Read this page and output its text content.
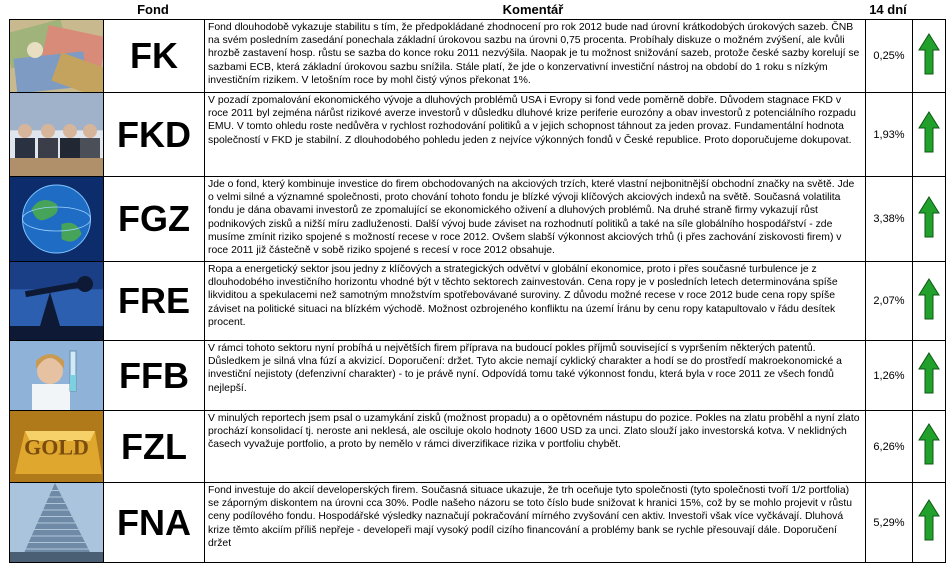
Fond	Komentář	14 dní
	FK	Fond dlouhodobě vykazuje stabilitu s tím, že předpokládané zhodnocení pro rok 2012 bude nad úrovní krátkodobých úrokových sazeb. ČNB na svém posledním zasedání ponechala základní úrokovou sazbu na úrovni 0,75 procenta. Probíhaly diskuze o možném zvýšení, ale kvůli hrozbě zastavení hosp. růstu se sazba do konce roku 2011 nezvýšila. Naopak je tu možnost snižování sazeb, protože české sazby korelují se sazbami ECB, která základní úrokovou sazbu snížila. Stále platí, že jde o konzervativní investiční nástroj na období do 1 roku s nízkým investičním rizikem. V letošním roce by mohl čistý výnos překonat 1%.	0,25%	

	FKD	V pozadí zpomalování ekonomického vývoje a dluhových problémů USA i Evropy si fond vede poměrně dobře. Důvodem stagnace FKD v roce 2011 byl zejména nárůst rizikové averze investorů v důsledku dluhové krize periferie eurozóny a obav investorů z potenciálního rozpadu EMU. V tomto ohledu roste nedůvěra v rychlost rozhodování politiků a v jejich schopnost táhnout za jeden provaz. Fundamentální hodnota společností v FKD je stabilní. Z dlouhodobého pohledu jeden z nejvíce výkonných fondů v České republice. Proto doporučujeme dokupovat.	1,93%	

	FGZ	Jde o fond, který kombinuje investice do firem obchodovaných na akciových trzích, které vlastní nejbonitnější obchodní značky na světě. Jde o velmi silné a významné společnosti, proto chování tohoto fondu je blízké vývoji klíčových akciových indexů na světě. Současná volatilita fondu je dána obavami investorů ze zpomalující se ekonomického oživení a dluhových problémů. Na druhé straně firmy vykazují růst podnikových zisků a nižší míru zadluženosti. Další vývoj bude záviset na rozhodnutí politiků a také na síle globálního hospodářství - zde musíme zmínit riziko spojené s možností recese v roce 2012. Ovšem slabší výkonnost akciových trhů (i přes zachování ziskovosti firem) v roce 2011 již částečně v sobě riziko spojené s recesí v roce 2012 obsahuje.	3,38%	

	FRE	Ropa a energetický sektor jsou jedny z klíčových a strategických odvětví v globální ekonomice, proto i přes současné turbulence je z dlouhodobého investičního horizontu vhodné být v těchto sektorech zainvestován. Cena ropy je v posledních letech determinována spíše likviditou a spekulacemi než samotným množstvím spotřebovávané suroviny. Z důvodu možné recese v roce 2012 bude cena ropy spíše záviset na politické situaci na blízkém východě. Možnost ozbrojeného konfliktu na území Íránu by cenu ropy katapultovalo v řádu desítek procent.	2,07%	

	FFB	V rámci tohoto sektoru nyní probíhá u největších firem příprava na budoucí pokles příjmů související s vypršením některých patentů. Důsledkem je silná vlna fúzí a akvizicí. Doporučení: držet. Tyto akcie nemají cyklický charakter a hodí se do prostředí makroekonomické a investiční nejistoty (defenzivní charakter) - to je právě nyní. Odpovídá tomu také výkonnost fondu, která byla v roce 2011 ze všech fondů nejlepší.	1,26%	

GOLD	FZL	V minulých reportech jsem psal o uzamykání zisků (možnost propadu) a o opětovném nástupu do pozice. Pokles na zlatu proběhl a nyní zlato prochází konsolidací tj. neroste ani neklesá, ale osciluje okolo hodnoty 1600 USD za unci. Zlato slouží jako investorská kotva. V neklidných časech vyvažuje portfolio, a proto by nemělo v rámci diverzifikace rizika v portfoliu chybět.	6,26%	

	FNA	Fond investuje do akcií developerských firem. Současná situace ukazuje, že trh oceňuje tyto společnosti (tyto společnosti tvoří 1/2 portfolia) se záporným diskontem na úrovni cca 30%. Podle našeho názoru se toto číslo bude snižovat k hranici 15%, což by se mohlo projevit v růstu ceny podílového fondu. Hospodářské výsledky naznačují pokračování mírného zvyšování cen aktiv. Investoři však více vyčkávají. Dluhová krize těmto akciím příliš nepřeje - developeři mají vysoký podíl cizího financování a problémy bank se rychle přesouvají dále. Doporučení držet	5,29%	
